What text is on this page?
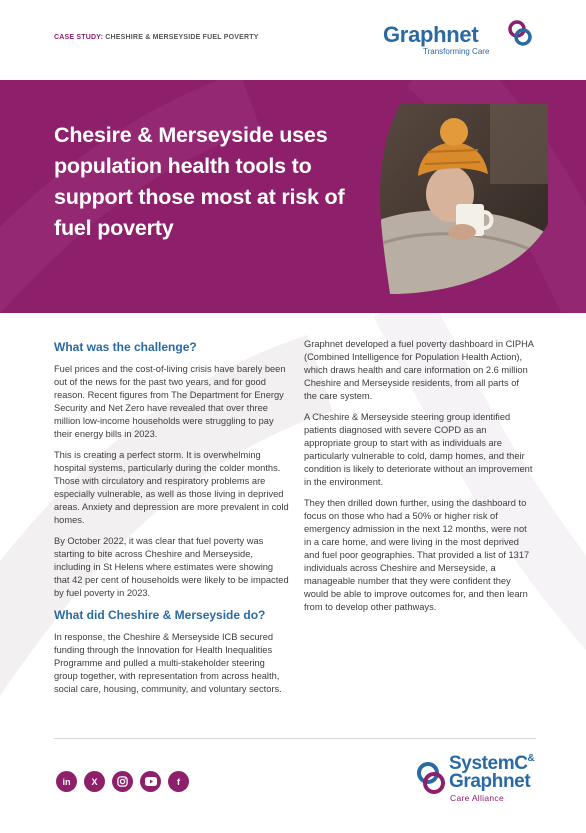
CASE STUDY: CHESHIRE & MERSEYSIDE FUEL POVERTY	Graphnet
Transforming Care
Chesire & Merseyside uses population health tools to support those most at risk of fuel poverty
What was the challenge?

Fuel prices and the cost-of-living crisis have barely been out of the news for the past two years, and for good reason. Recent figures from The Department for Energy Security and Net Zero have revealed that over three million low-income households were struggling to pay their energy bills in 2023.

This is creating a perfect storm. It is overwhelming hospital systems, particularly during the colder months. Those with circulatory and respiratory problems are especially vulnerable, as well as those living in deprived areas. Anxiety and depression are more prevalent in cold homes.

By October 2022, it was clear that fuel poverty was starting to bite across Cheshire and Merseyside, including in St Helens where estimates were showing that 42 per cent of households were likely to be impacted by fuel poverty in 2023.

What did Cheshire & Merseyside do?

In response, the Cheshire & Merseyside ICB secured funding through the Innovation for Health Inequalities Programme and pulled a multi-stakeholder steering group together, with representation from across health, social care, housing, community, and voluntary sectors.

Graphnet developed a fuel poverty dashboard in CIPHA (Combined Intelligence for Population Health Action), which draws health and care information on 2.6 million Cheshire and Merseyside residents, from all parts of the care system.

A Cheshire & Merseyside steering group identified patients diagnosed with severe COPD as an appropriate group to start with as individuals are particularly vulnerable to cold, damp homes, and their condition is likely to deteriorate without an improvement in the environment.

They then drilled down further, using the dashboard to focus on those who had a 50% or higher risk of emergency admission in the next 12 months, were not in a care home, and were living in the most deprived and fuel poor geographies. That provided a list of 1317 individuals across Cheshire and Merseyside, a manageable number that they were confident they would be able to improve outcomes for, and then learn from to develop other pathways.

in X	f
SystemC&
Graphnet
Care Alliance
